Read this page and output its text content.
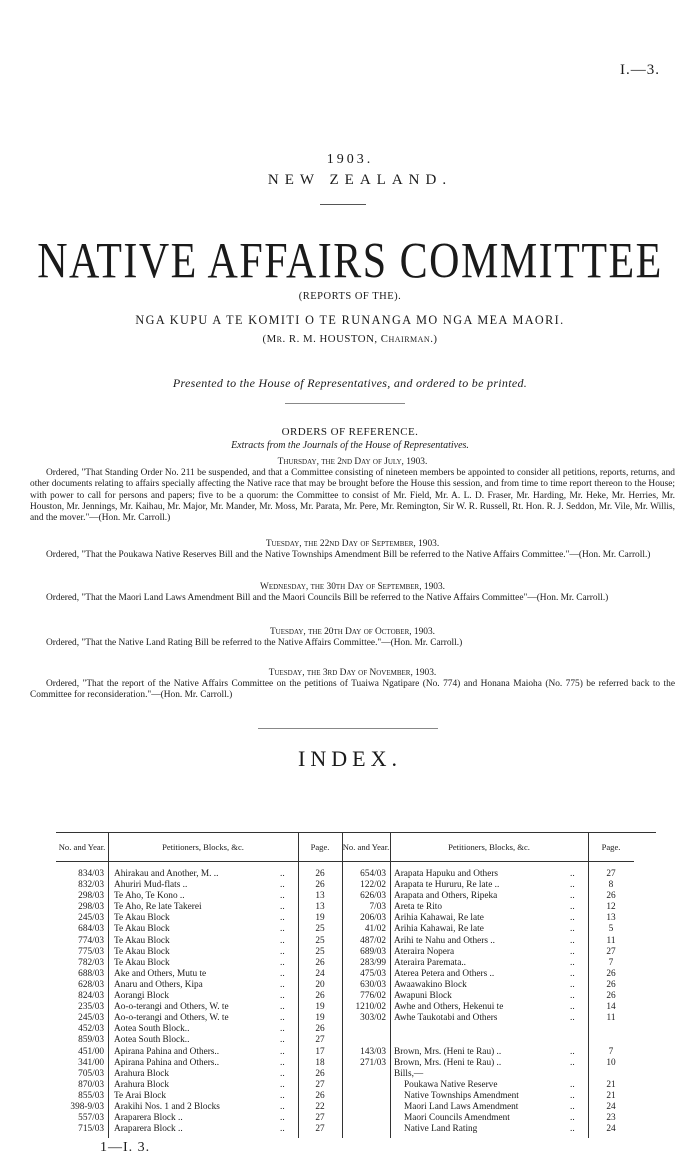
I.—3.
1903.
NEW ZEALAND.
NATIVE AFFAIRS COMMITTEE
(REPORTS OF THE).
NGA KUPU A TE KOMITI O TE RUNANGA MO NGA MEA MAORI.
(Mr. R. M. HOUSTON, Chairman.)
Presented to the House of Representatives, and ordered to be printed.
ORDERS OF REFERENCE.
Extracts from the Journals of the House of Representatives.

Thursday, the 2nd Day of July, 1903.

Ordered, "That Standing Order No. 211 be suspended, and that a Committee consisting of nineteen members be appointed to consider all petitions, reports, returns, and other documents relating to affairs specially affecting the Native race that may be brought before the House this session, and from time to time report thereon to the House; with power to call for persons and papers; five to be a quorum: the Committee to consist of Mr. Field, Mr. A. L. D. Fraser, Mr. Harding, Mr. Heke, Mr. Herries, Mr. Houston, Mr. Jennings, Mr. Kaihau, Mr. Major, Mr. Mander, Mr. Moss, Mr. Parata, Mr. Pere, Mr. Remington, Sir W. R. Russell, Rt. Hon. R. J. Seddon, Mr. Vile, Mr. Willis, and the mover."—(Hon. Mr. Carroll.)

Tuesday, the 22nd Day of September, 1903.

Ordered, "That the Poukawa Native Reserves Bill and the Native Townships Amendment Bill be referred to the Native Affairs Committee."—(Hon. Mr. Carroll.)

Wednesday, the 30th Day of September, 1903.

Ordered, "That the Maori Land Laws Amendment Bill and the Maori Councils Bill be referred to the Native Affairs Committee"—(Hon. Mr. Carroll.)

Tuesday, the 20th Day of October, 1903.

Ordered, "That the Native Land Rating Bill be referred to the Native Affairs Committee."—(Hon. Mr. Carroll.)

Tuesday, the 3rd Day of November, 1903.

Ordered, "That the report of the Native Affairs Committee on the petitions of Tuaiwa Ngatipare (No. 774) and Honana Maioha (No. 775) be referred back to the Committee for reconsideration."—(Hon. Mr. Carroll.)

INDEX.
No. and Year.	Petitioners, Blocks, &c.	Page.	No. and Year.	Petitioners, Blocks, &c.	Page.
834/03 Ahirakau and Another, M. ..	..	26
832/03 Ahuriri Mud-flats ..	..	26
298/03 Te Aho, Te Kono ..	..	13
298/03 Te Aho, Re late Takerei	..	13
245/03 Te Akau Block	..	19
684/03 Te Akau Block	..	25
774/03 Te Akau Block	..	25
775/03 Te Akau Block	..	25
782/03 Te Akau Block	..	26
688/03 Ake and Others, Mutu te	..	24
628/03 Anaru and Others, Kipa	..	20
824/03 Aorangi Block	..	26
235/03 Ao-o-terangi and Others, W. te	..	19
245/03 Ao-o-terangi and Others, W. te	..	19
452/03 Aotea South Block..	..	26
859/03 Aotea South Block..	..	27
451/00 Apirana Pahina and Others..	..	17
341/00 Apirana Pahina and Others..	..	18
705/03 Arahura Block	..	26
870/03 Arahura Block	..	27
855/03 Te Arai Block	..	26
398-9/03 Arakihi Nos. 1 and 2 Blocks	..	22
557/03 Araparera Block ..	..	27
715/03 Araparera Block ..	..	27
654/03 Arapata Hapuku and Others	..	27
122/02 Arapata te Hururu, Re late ..	..	8
626/03 Arapata and Others, Ripeka	..	26
7/03 Areta te Rito	..	12
206/03 Arihia Kahawai, Re late	..	13
41/02 Arihia Kahawai, Re late	..	5
487/02 Arihi te Nahu and Others ..	..	11
689/03 Ateraira Nopera	..	27
283/99 Ateraira Paremata..	..	7
475/03 Aterea Petera and Others ..	..	26
630/03 Awaawakino Block	..	26
776/02 Awapuni Block	..	26
1210/02 Awhe and Others, Hekenui te	..	14
303/02 Awhe Taukotabi and Others	..	11
143/03 Brown, Mrs. (Heni te Rau) ..	..	7
271/03 Brown, Mrs. (Heni te Rau) ..	..	10
Bills,—
Poukawa Native Reserve	..	21
Native Townships Amendment	..	21
Maori Land Laws Amendment	..	24
Maori Councils Amendment	..	23
Native Land Rating	..	24
1—I. 3.
